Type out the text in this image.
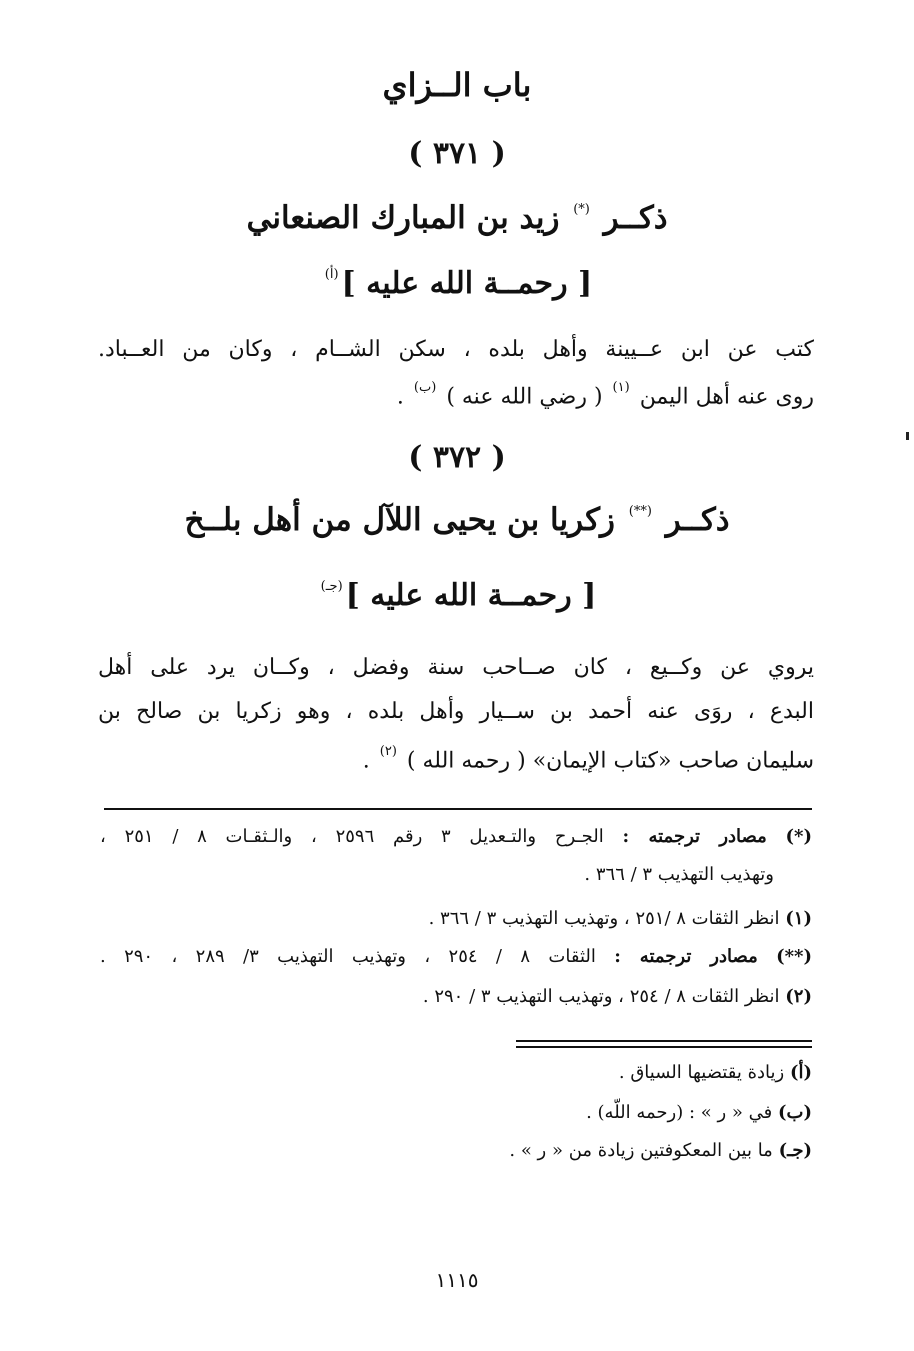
باب الــزاي
( ٣٧١ )
ذكــر (*) زيد بن المبارك الصنعاني
[ رحمــة الله عليه ]$^{(أ)}$
كتب عن ابن عــيينة وأهل بلده ، سكن الشــام ، وكان من العــباد.
روى عنه أهل اليمن $^{(١)}$ ( رضي الله عنه ) $^{(ب)}$ .
( ٣٧٢ )
ذكــر (**) زكريا بن يحيى اللآل من أهل بلــخ
[ رحمــة الله عليه ]$^{(جـ)}$
يروي عن وكــيع ، كان صــاحب سنة وفضل ، وكــان يرد على أهل
البدع ، روَى عنه أحمد بن ســيار وأهل بلده ، وهو زكريا بن صالح بن
سليمان صاحب «كتاب الإيمان» ( رحمه الله ) $^{(٢)}$ .
(*) مصادر ترجمته : الجـرح والتـعديل ٣ رقم ٢٥٩٦ ، والـثقـات ٨ / ٢٥١ ،
وتهذيب التهذيب ٣ / ٣٦٦ .
(١) انظر الثقات ٨ /٢٥١ ، وتهذيب التهذيب ٣ / ٣٦٦ .
(**) مصادر ترجمته : الثقات ٨ / ٢٥٤ ، وتهذيب التهذيب ٣/ ٢٨٩ ، ٢٩٠ .
(٢) انظر الثقات ٨ / ٢٥٤ ، وتهذيب التهذيب ٣ / ٢٩٠ .
(أ) زيادة يقتضيها السياق .
(ب) في « ر » : (رحمه اللّه) .
(جـ) ما بين المعكوفتين زيادة من « ر » .
١١١٥
